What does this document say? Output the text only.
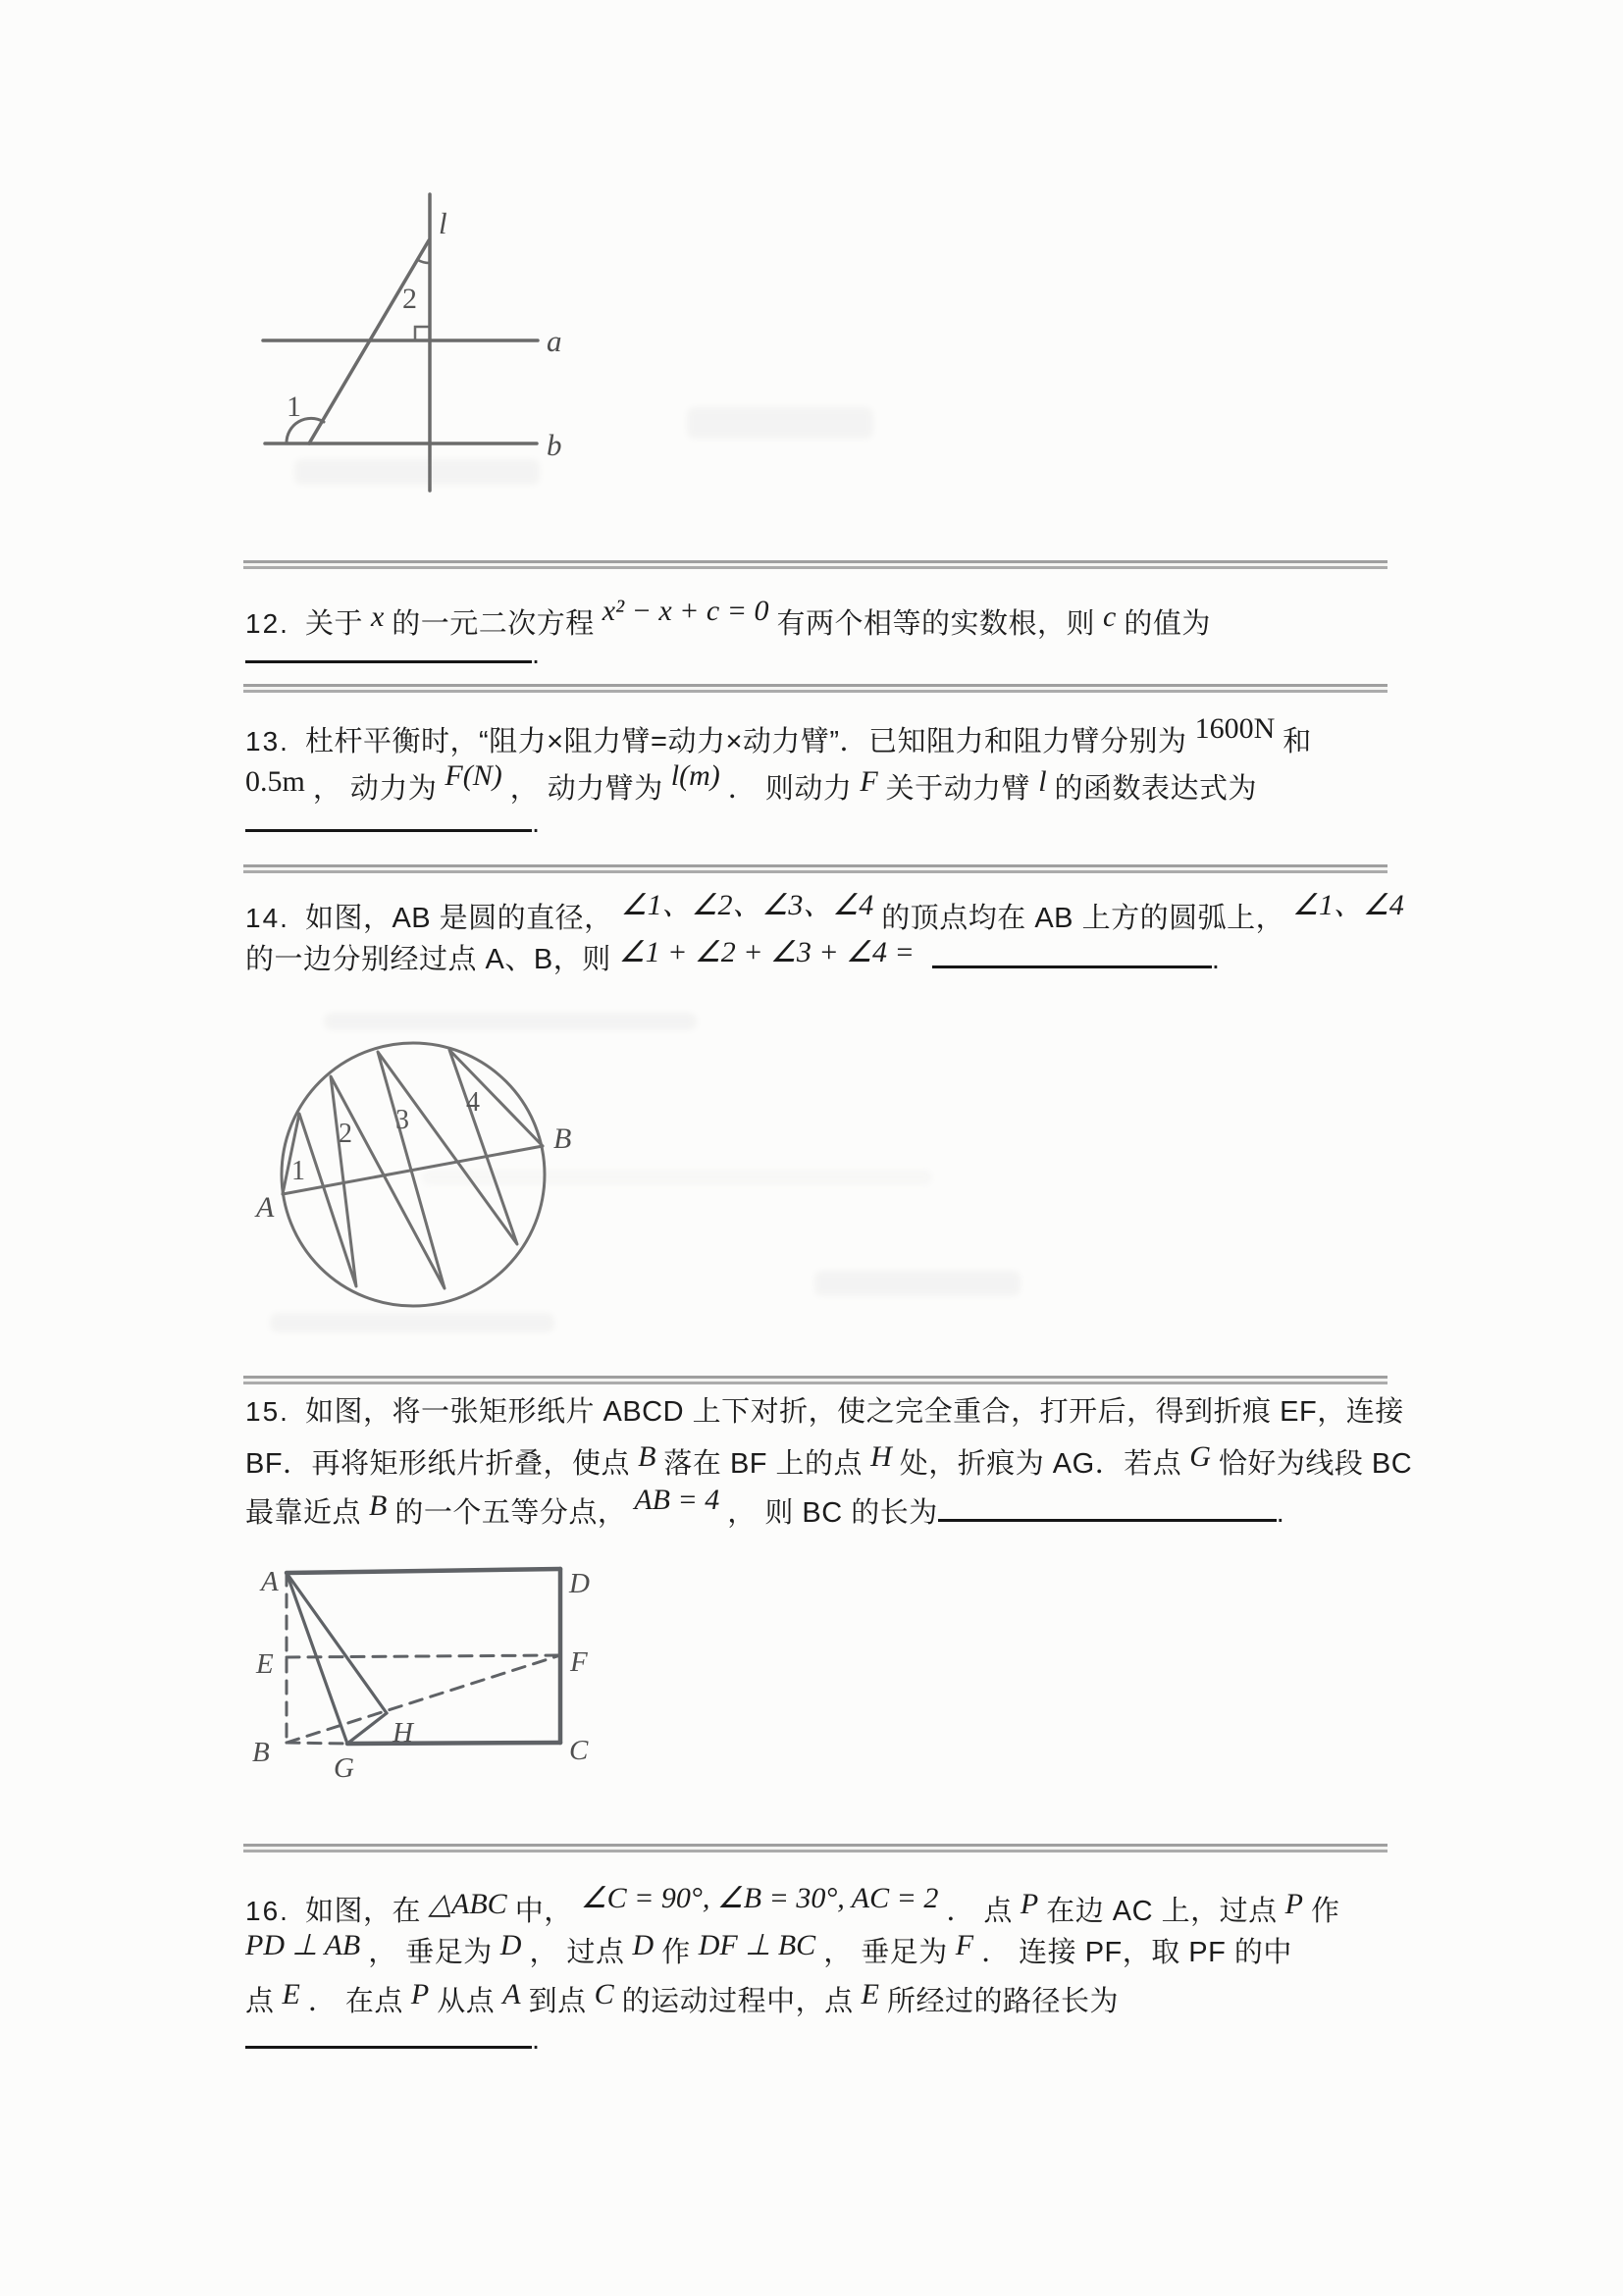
l
a
b
1
2
12. 关于 x 的一元二次方程 x² − x + c = 0 有两个相等的实数根，则 c 的值为
.
13. 杜杆平衡时，“阻力×阻力臂=动力×动力臂”．已知阻力和阻力臂分别为 1600N 和
0.5m ， 动力为 F(N) ， 动力臂为 l(m) ． 则动力 F 关于动力臂 l 的函数表达式为
.
14. 如图，AB 是圆的直径， ∠1、∠2、∠3、∠4 的顶点均在 AB 上方的圆弧上， ∠1、∠4
的一边分别经过点 A、B，则 ∠1 + ∠2 + ∠3 + ∠4 =	.
A
B
1
2 3
4
15. 如图，将一张矩形纸片 ABCD 上下对折，使之完全重合，打开后，得到折痕 EF，连接
BF．再将矩形纸片折叠，使点 B 落在 BF 上的点 H 处，折痕为 AG．若点 G 恰好为线段 BC
最靠近点 B 的一个五等分点， AB = 4 ， 则 BC 的长为	.
A	D
E	F
B	C
G
H
16. 如图，在 △ABC 中， ∠C = 90°, ∠B = 30°, AC = 2 ． 点 P 在边 AC 上，过点 P 作
PD ⊥ AB ， 垂足为 D ， 过点 D 作 DF ⊥ BC ， 垂足为 F ． 连接 PF，取 PF 的中
点 E ． 在点 P 从点 A 到点 C 的运动过程中，点 E 所经过的路径长为
.
